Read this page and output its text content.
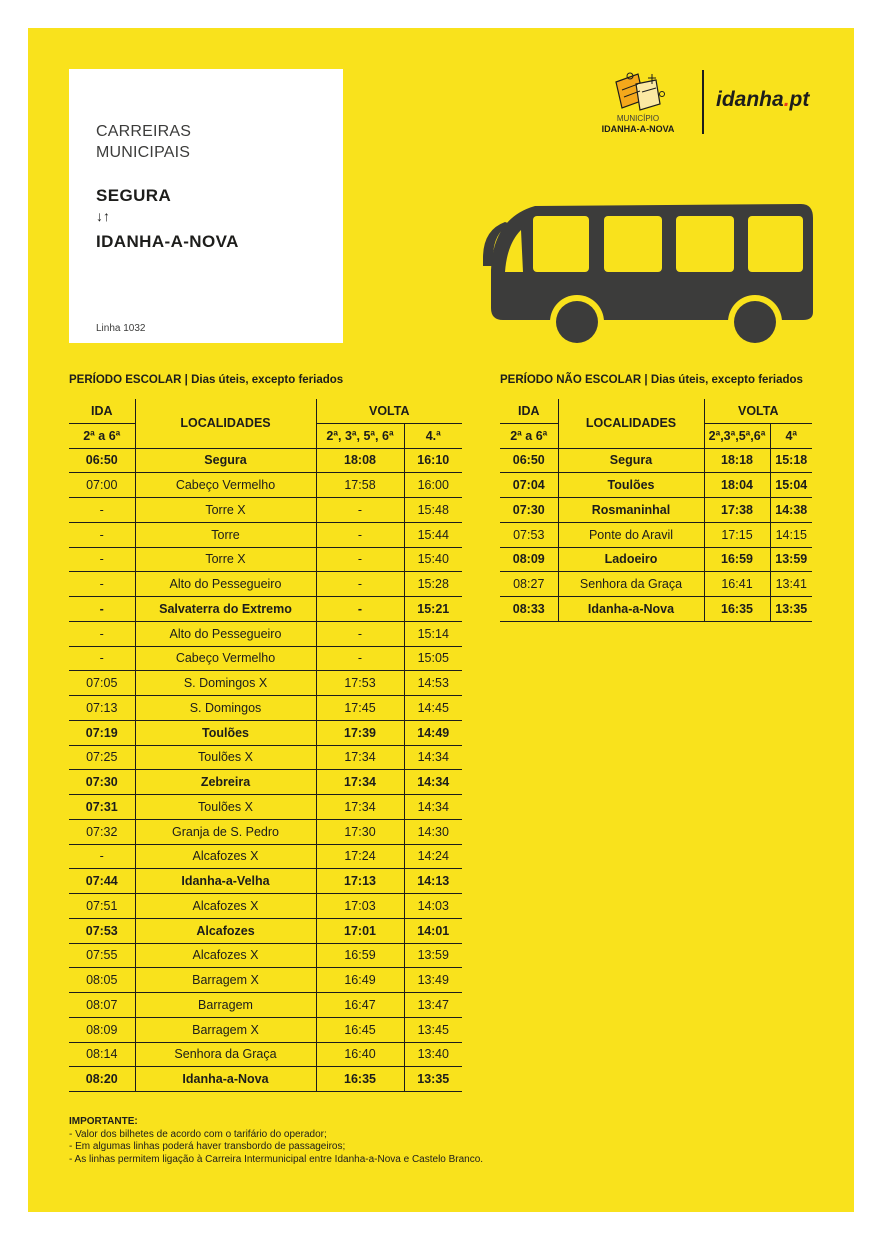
CARREIRAS
MUNICIPAIS
SEGURA
↓↑
IDANHA-A-NOVA
Linha 1032
MUNICÍPIO
IDANHA-A-NOVA
idanha.pt
PERÍODO ESCOLAR | Dias úteis, excepto feriados
IDA	LOCALIDADES	VOLTA	
2ª a 6ª		2ª, 3ª, 5ª, 6ª	4.ª
06:50	Segura	18:08	16:10
07:00	Cabeço Vermelho	17:58	16:00
-	Torre X	-	15:48
-	Torre	-	15:44
-	Torre X	-	15:40
-	Alto do Pessegueiro	-	15:28
-	Salvaterra do Extremo	-	15:21
-	Alto do Pessegueiro	-	15:14
-	Cabeço Vermelho	-	15:05
07:05	S. Domingos X	17:53	14:53
07:13	S. Domingos	17:45	14:45
07:19	Toulões	17:39	14:49
07:25	Toulões X	17:34	14:34
07:30	Zebreira	17:34	14:34
07:31	Toulões X	17:34	14:34
07:32	Granja de S. Pedro	17:30	14:30
-	Alcafozes X	17:24	14:24
07:44	Idanha-a-Velha	17:13	14:13
07:51	Alcafozes X	17:03	14:03
07:53	Alcafozes	17:01	14:01
07:55	Alcafozes X	16:59	13:59
08:05	Barragem X	16:49	13:49
08:07	Barragem	16:47	13:47
08:09	Barragem X	16:45	13:45
08:14	Senhora da Graça	16:40	13:40
08:20	Idanha-a-Nova	16:35	13:35
PERÍODO NÃO ESCOLAR | Dias úteis, excepto feriados
IDA	LOCALIDADES	VOLTA	
2ª a 6ª		2ª,3ª,5ª,6ª	4ª
06:50	Segura	18:18	15:18
07:04	Toulões	18:04	15:04
07:30	Rosmaninhal	17:38	14:38
07:53	Ponte do Aravil	17:15	14:15
08:09	Ladoeiro	16:59	13:59
08:27	Senhora da Graça	16:41	13:41
08:33	Idanha-a-Nova	16:35	13:35
IMPORTANTE:
- Valor dos bilhetes de acordo com o tarifário do operador;
- Em algumas linhas poderá haver transbordo de passageiros;
- As linhas permitem ligação à Carreira Intermunicipal entre Idanha-a-Nova e Castelo Branco.
